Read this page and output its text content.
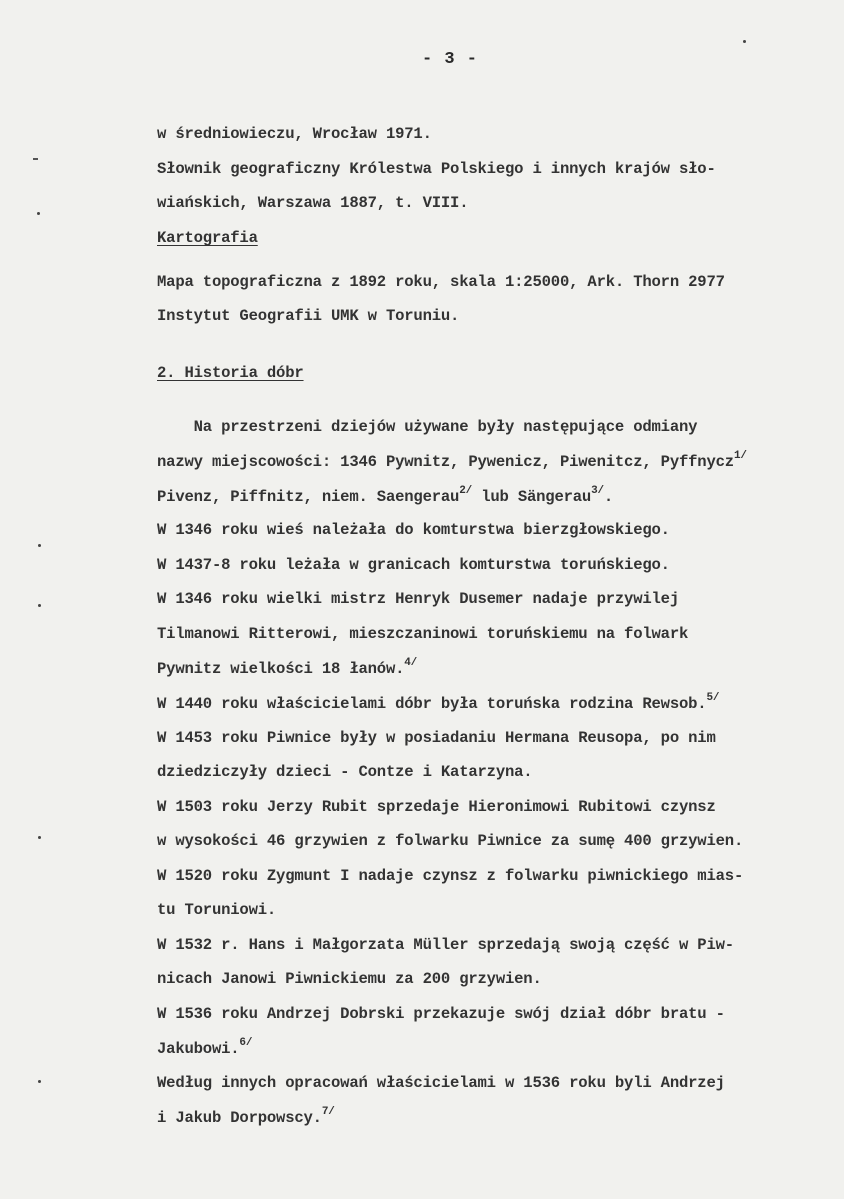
- 3 -
w średniowieczu, Wrocław 1971.
Słownik geograficzny Królestwa Polskiego i innych krajów sło-
wiańskich, Warszawa 1887, t. VIII.
Kartografia
Mapa topograficzna z 1892 roku, skala 1:25000, Ark. Thorn 2977
Instytut Geografii UMK w Toruniu.
2. Historia dóbr
Na przestrzeni dziejów używane były następujące odmiany
nazwy miejscowości: 1346 Pywnitz, Pywenicz, Piwenitcz, Pyffnycz$^{1/}$
Pivenz, Piffnitz, niem. Saengerau$^{2/}$ lub Sängerau$^{3/}$.
W 1346 roku wieś należała do komturstwa bierzgłowskiego.
W 1437-8 roku leżała w granicach komturstwa toruńskiego.
W 1346 roku wielki mistrz Henryk Dusemer nadaje przywilej
Tilmanowi Ritterowi, mieszczaninowi toruńskiemu na folwark
Pywnitz wielkości 18 łanów.$^{4/}$
W 1440 roku właścicielami dóbr była toruńska rodzina Rewsob.$^{5/}$
W 1453 roku Piwnice były w posiadaniu Hermana Reusopa, po nim
dziedziczyły dzieci - Contze i Katarzyna.
W 1503 roku Jerzy Rubit sprzedaje Hieronimowi Rubitowi czynsz
w wysokości 46 grzywien z folwarku Piwnice za sumę 400 grzywien.
W 1520 roku Zygmunt I nadaje czynsz z folwarku piwnickiego mias-
tu Toruniowi.
W 1532 r. Hans i Małgorzata Müller sprzedają swoją część w Piw-
nicach Janowi Piwnickiemu za 200 grzywien.
W 1536 roku Andrzej Dobrski przekazuje swój dział dóbr bratu -
Jakubowi.$^{6/}$
Według innych opracowań właścicielami w 1536 roku byli Andrzej
i Jakub Dorpowscy.$^{7/}$
